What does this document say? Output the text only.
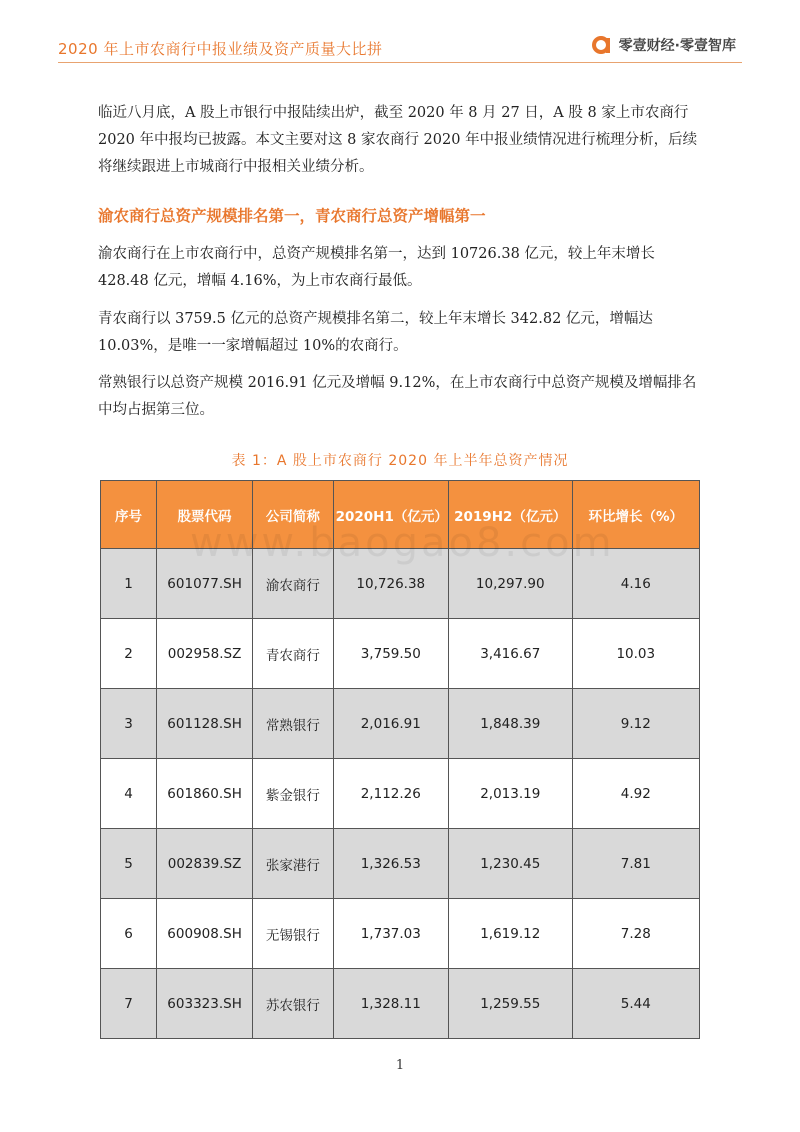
2020 年上市农商行中报业绩及资产质量大比拼	零壹财经·零壹智库

临近八月底，A 股上市银行中报陆续出炉，截至 2020 年 8 月 27 日，A 股 8 家上市农商行 2020 年中报均已披露。本文主要对这 8 家农商行 2020 年中报业绩情况进行梳理分析，后续将继续跟进上市城商行中报相关业绩分析。

渝农商行总资产规模排名第一，青农商行总资产增幅第一

渝农商行在上市农商行中，总资产规模排名第一，达到 10726.38 亿元，较上年末增长 428.48 亿元，增幅 4.16%，为上市农商行最低。

青农商行以 3759.5 亿元的总资产规模排名第二，较上年末增长 342.82 亿元，增幅达 10.03%，是唯一一家增幅超过 10%的农商行。

常熟银行以总资产规模 2016.91 亿元及增幅 9.12%，在上市农商行中总资产规模及增幅排名中均占据第三位。

表 1：A 股上市农商行 2020 年上半年总资产情况
序号	股票代码	公司简称	2020H1（亿元）	2019H2（亿元）	环比增长（%）
1	601077.SH	渝农商行	10,726.38	10,297.90	4.16
2	002958.SZ	青农商行	3,759.50	3,416.67	10.03
3	601128.SH	常熟银行	2,016.91	1,848.39	9.12
4	601860.SH	紫金银行	2,112.26	2,013.19	4.92
5	002839.SZ	张家港行	1,326.53	1,230.45	7.81
6	600908.SH	无锡银行	1,737.03	1,619.12	7.28
7	603323.SH	苏农银行	1,328.11	1,259.55	5.44
1
